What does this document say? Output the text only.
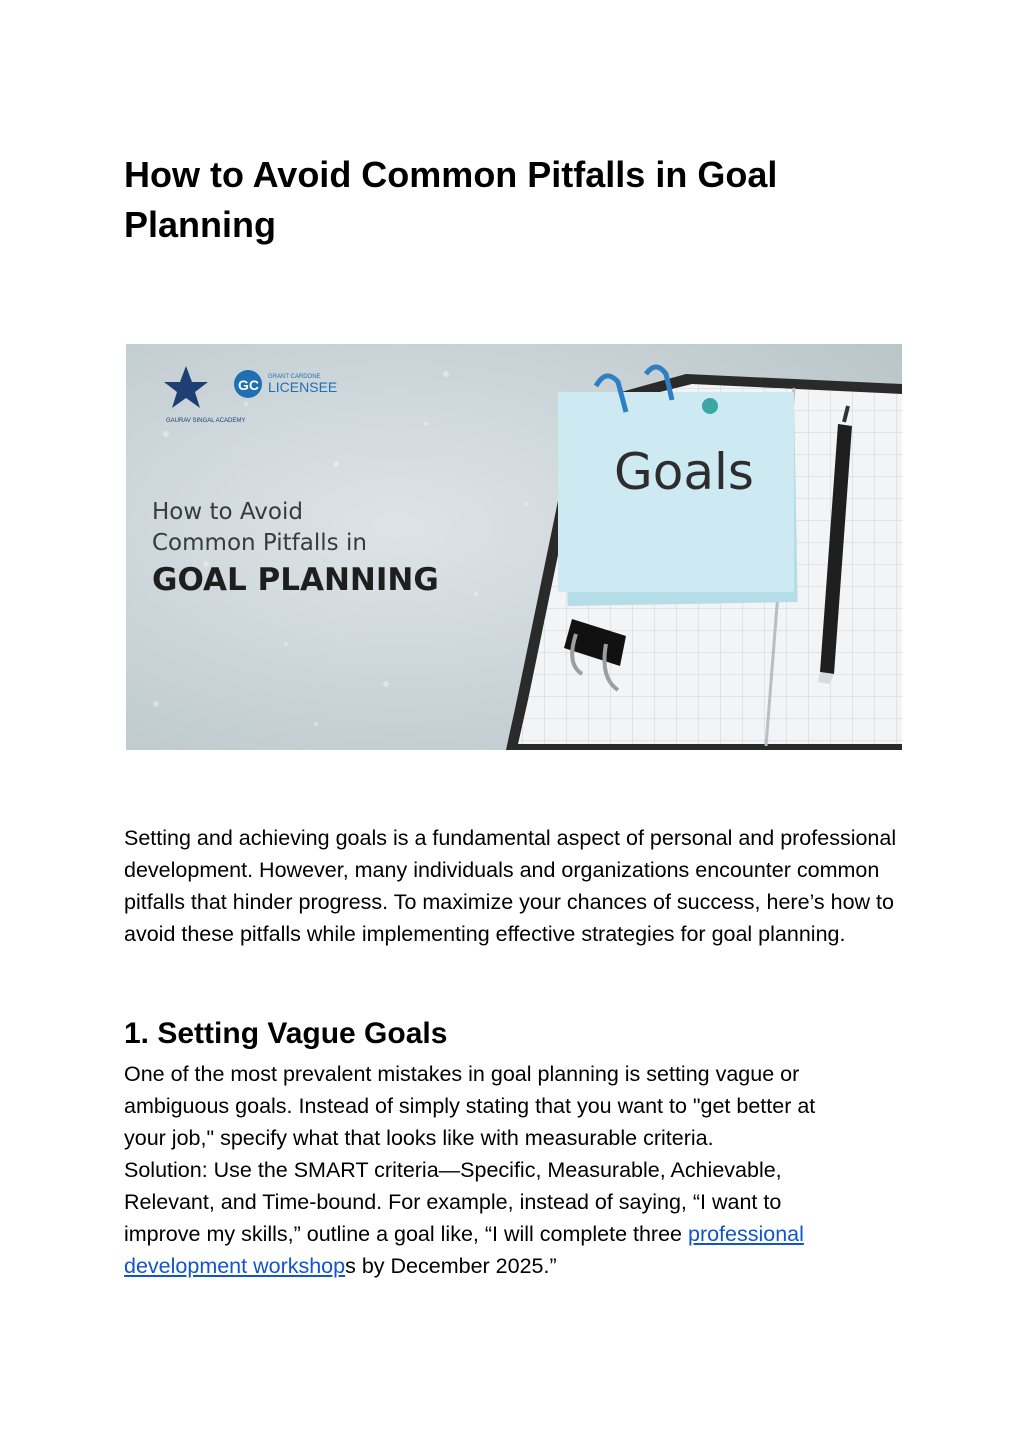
How to Avoid Common Pitfalls in Goal Planning
Goals
GAURAV SINGAL ACADEMY
GC GRANT CARDONE
LICENSEE
How to Avoid
Common Pitfalls in
GOAL PLANNING

Setting and achieving goals is a fundamental aspect of personal and professional development. However, many individuals and organizations encounter common pitfalls that hinder progress. To maximize your chances of success, here’s how to avoid these pitfalls while implementing effective strategies for goal planning.

1. Setting Vague Goals

One of the most prevalent mistakes in goal planning is setting vague or
ambiguous goals. Instead of simply stating that you want to "get better at
your job," specify what that looks like with measurable criteria.
Solution: Use the SMART criteria—Specific, Measurable, Achievable,
Relevant, and Time-bound. For example, instead of saying, “I want to
improve my skills,” outline a goal like, “I will complete three professional
development workshops by December 2025.”
